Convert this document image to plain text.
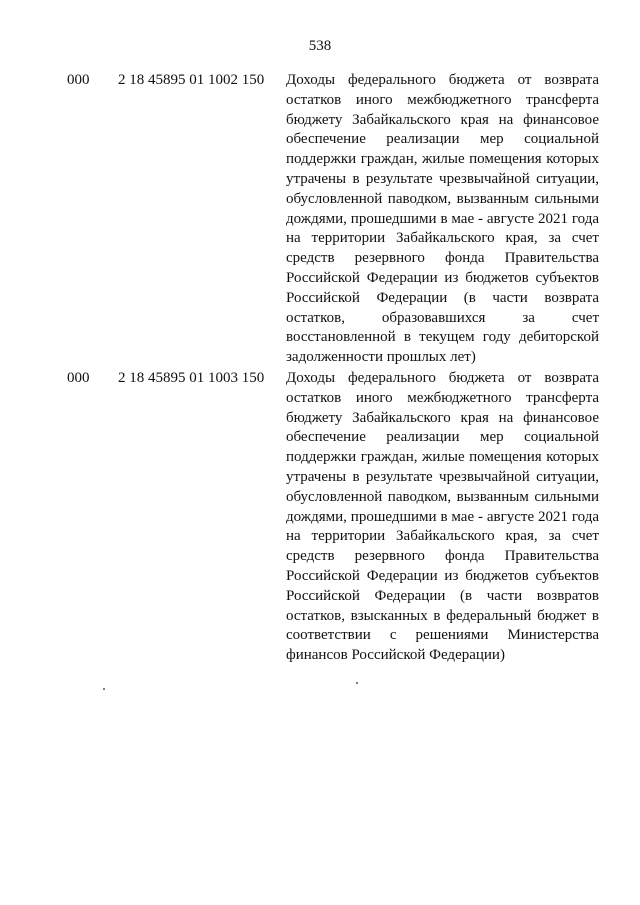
538
000 2 18 45895 01 1002 150 Доходы федерального бюджета от возврата
остатков иного межбюджетного трансферта
бюджету Забайкальского края на финансовое
обеспечение реализации мер социальной
поддержки граждан, жилые помещения которых
утрачены в результате чрезвычайной ситуации,
обусловленной паводком, вызванным сильными
дождями, прошедшими в мае - августе 2021 года
на территории Забайкальского края, за счет
средств резервного фонда Правительства
Российской Федерации из бюджетов субъектов
Российской Федерации (в части возврата
остатков, образовавшихся за счет
восстановленной в текущем году дебиторской
задолженности прошлых лет)
000 2 18 45895 01 1003 150 Доходы федерального бюджета от возврата
остатков иного межбюджетного трансферта
бюджету Забайкальского края на финансовое
обеспечение реализации мер социальной
поддержки граждан, жилые помещения которых
утрачены в результате чрезвычайной ситуации,
обусловленной паводком, вызванным сильными
дождями, прошедшими в мае - августе 2021 года
на территории Забайкальского края, за счет
средств резервного фонда Правительства
Российской Федерации из бюджетов субъектов
Российской Федерации (в части возвратов
остатков, взысканных в федеральный бюджет в
соответствии с решениями Министерства
финансов Российской Федерации)
